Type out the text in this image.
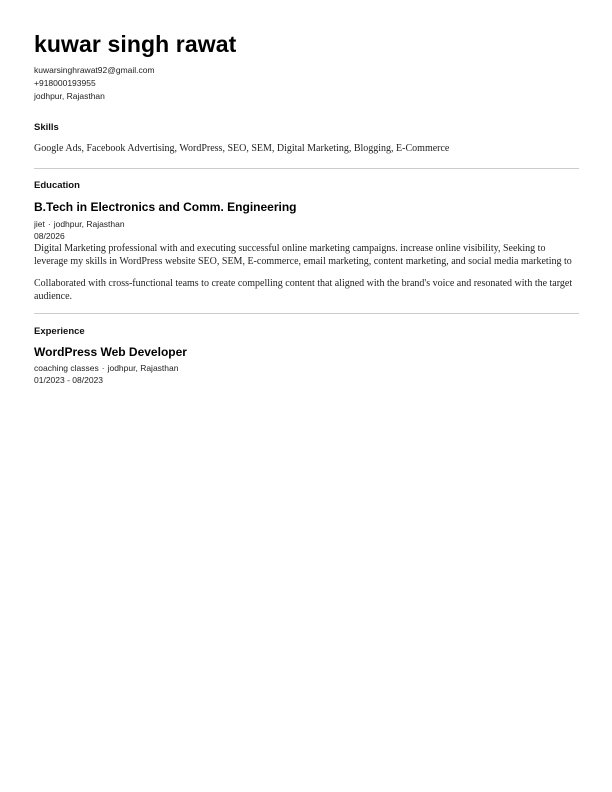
kuwar singh rawat
kuwarsinghrawat92@gmail.com
+918000193955
jodhpur, Rajasthan
Skills
Google Ads, Facebook Advertising, WordPress, SEO, SEM, Digital Marketing, Blogging, E-Commerce
Education
B.Tech in Electronics and Comm. Engineering
jiet · jodhpur, Rajasthan
08/2026
Digital Marketing professional with and executing successful online marketing campaigns. increase online visibility, Seeking to leverage my skills in WordPress website SEO, SEM, E-commerce, email marketing, content marketing, and social media marketing to
Collaborated with cross-functional teams to create compelling content that aligned with the brand's voice and resonated with the target audience.
Experience
WordPress Web Developer
coaching classes · jodhpur, Rajasthan
01/2023 - 08/2023
